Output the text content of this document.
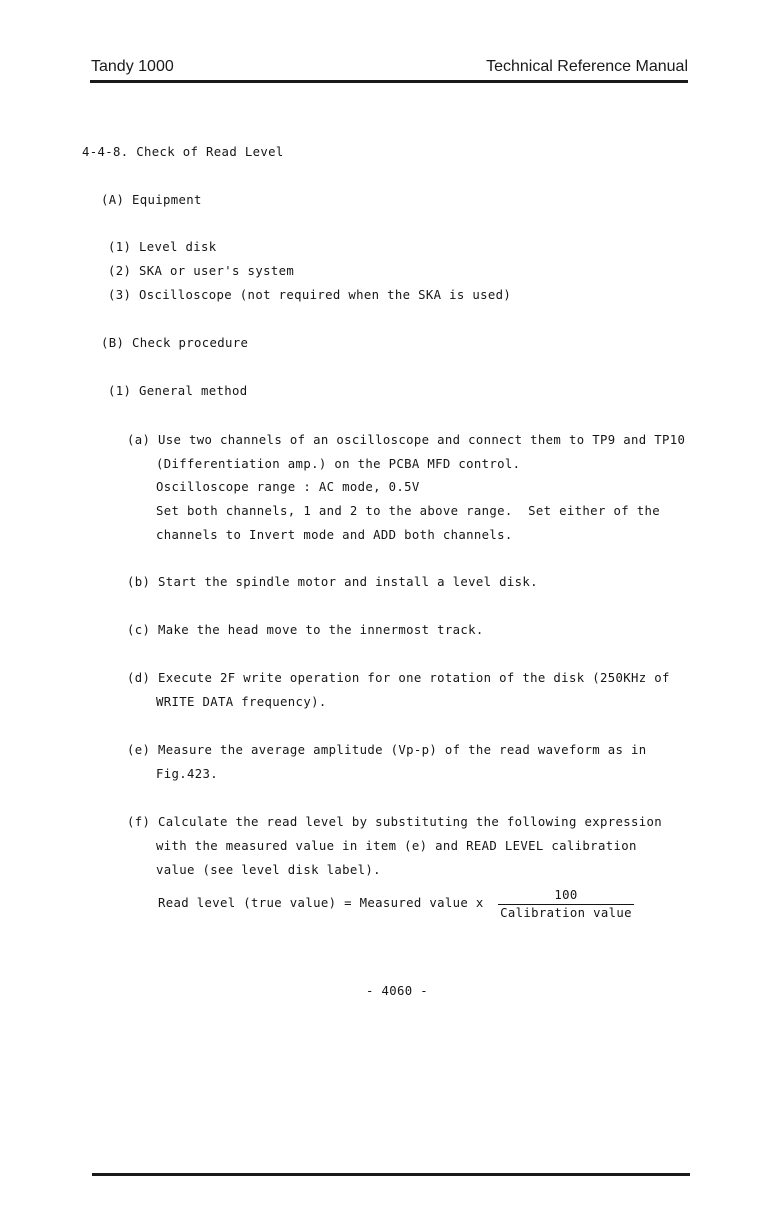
Tandy 1000	Technical Reference Manual
4-4-8. Check of Read Level
(A) Equipment
(1) Level disk
(2) SKA or user's system
(3) Oscilloscope (not required when the SKA is used)
(B) Check procedure
(1) General method
(a) Use two channels of an oscilloscope and connect them to TP9 and TP10
(Differentiation amp.) on the PCBA MFD control.
Oscilloscope range : AC mode, 0.5V
Set both channels, 1 and 2 to the above range.  Set either of the
channels to Invert mode and ADD both channels.
(b) Start the spindle motor and install a level disk.
(c) Make the head move to the innermost track.
(d) Execute 2F write operation for one rotation of the disk (250KHz of
WRITE DATA frequency).
(e) Measure the average amplitude (Vp-p) of the read waveform as in
Fig.423.
(f) Calculate the read level by substituting the following expression
with the measured value in item (e) and READ LEVEL calibration
value (see level disk label).
Read level (true value) = Measured value x
100
Calibration value
- 4060 -
